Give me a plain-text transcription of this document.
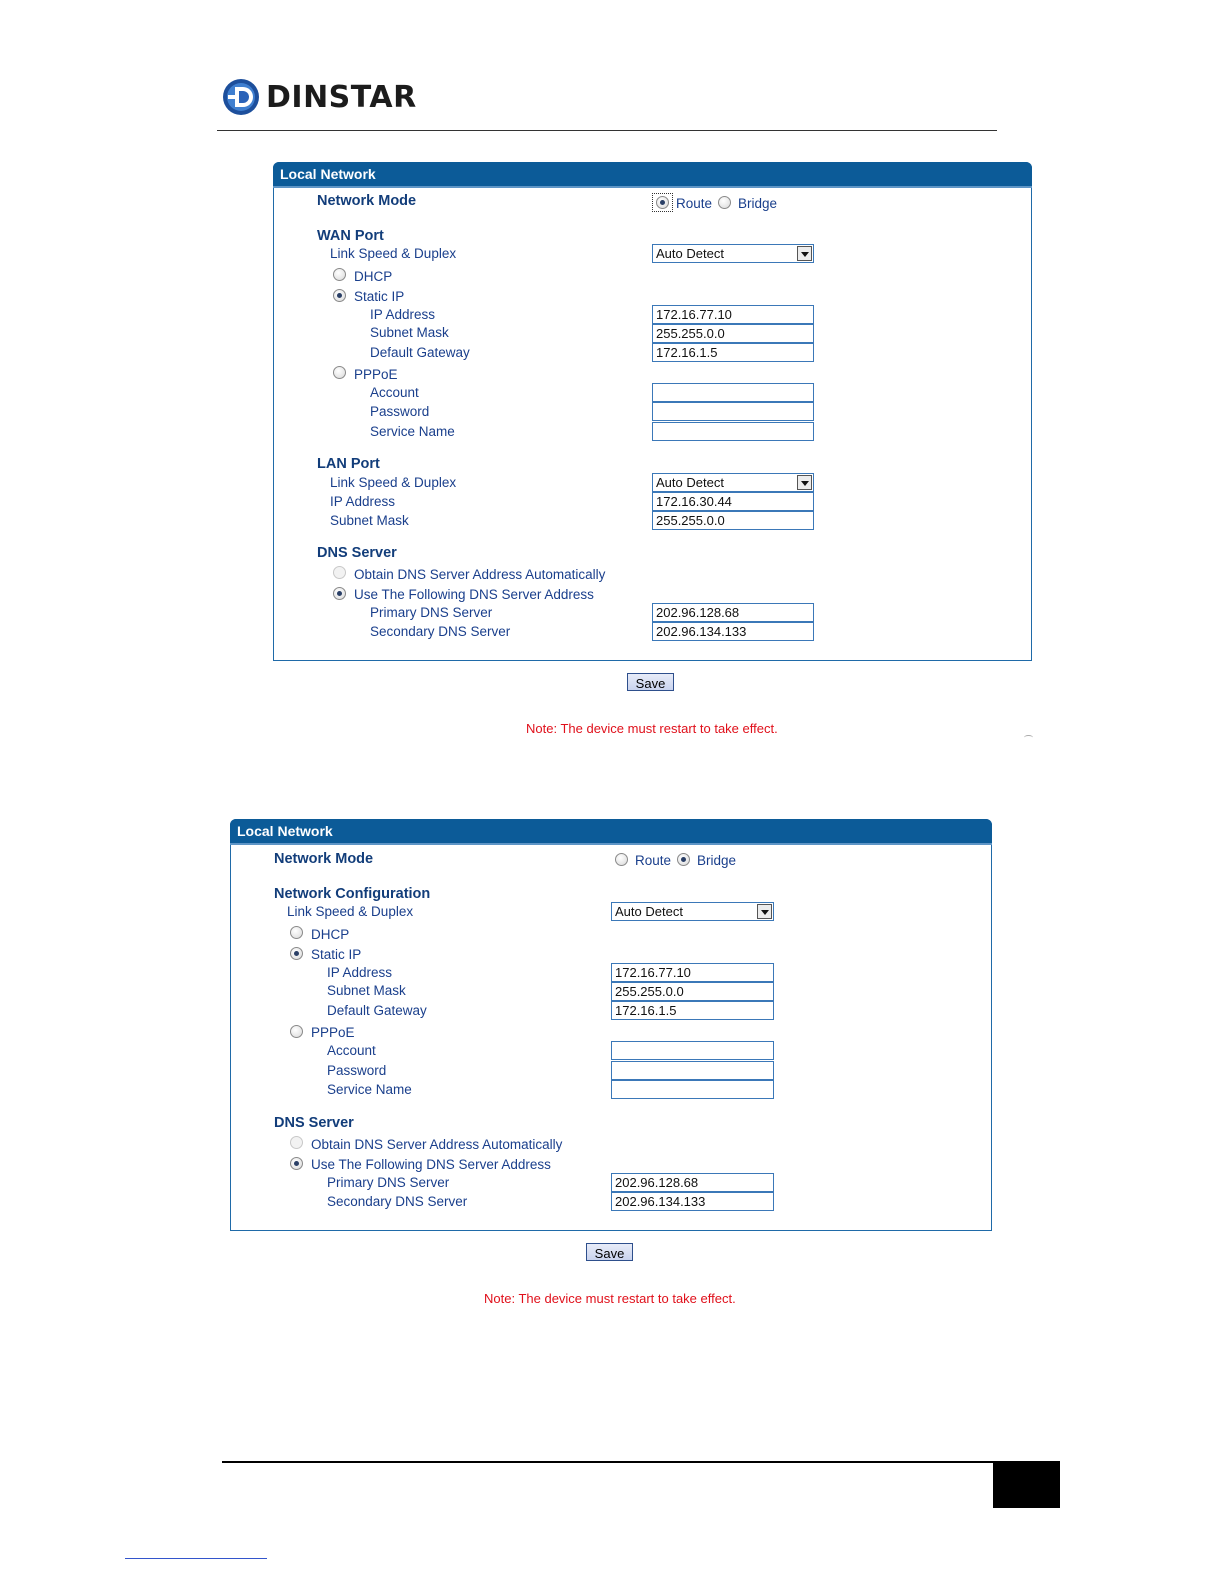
DINSTAR
Local Network
Network Mode	Route Bridge
WAN Port
Link Speed & Duplex	Auto Detect
DHCP
Static IP
IP Address	172.16.77.10
Subnet Mask	255.255.0.0
Default Gateway	172.16.1.5
PPPoE
Account
Password
Service Name
LAN Port
Link Speed & Duplex	Auto Detect
IP Address	172.16.30.44
Subnet Mask	255.255.0.0
DNS Server
Obtain DNS Server Address Automatically
Use The Following DNS Server Address
Primary DNS Server	202.96.128.68
Secondary DNS Server	202.96.134.133
Save
Note: The device must restart to take effect.
Local Network
Network Mode	Route Bridge
Network Configuration
Link Speed & Duplex	Auto Detect
DHCP
Static IP
IP Address	172.16.77.10
Subnet Mask	255.255.0.0
Default Gateway	172.16.1.5
PPPoE
Account
Password
Service Name
DNS Server
Obtain DNS Server Address Automatically
Use The Following DNS Server Address
Primary DNS Server	202.96.128.68
Secondary DNS Server	202.96.134.133
Save
Note: The device must restart to take effect.
